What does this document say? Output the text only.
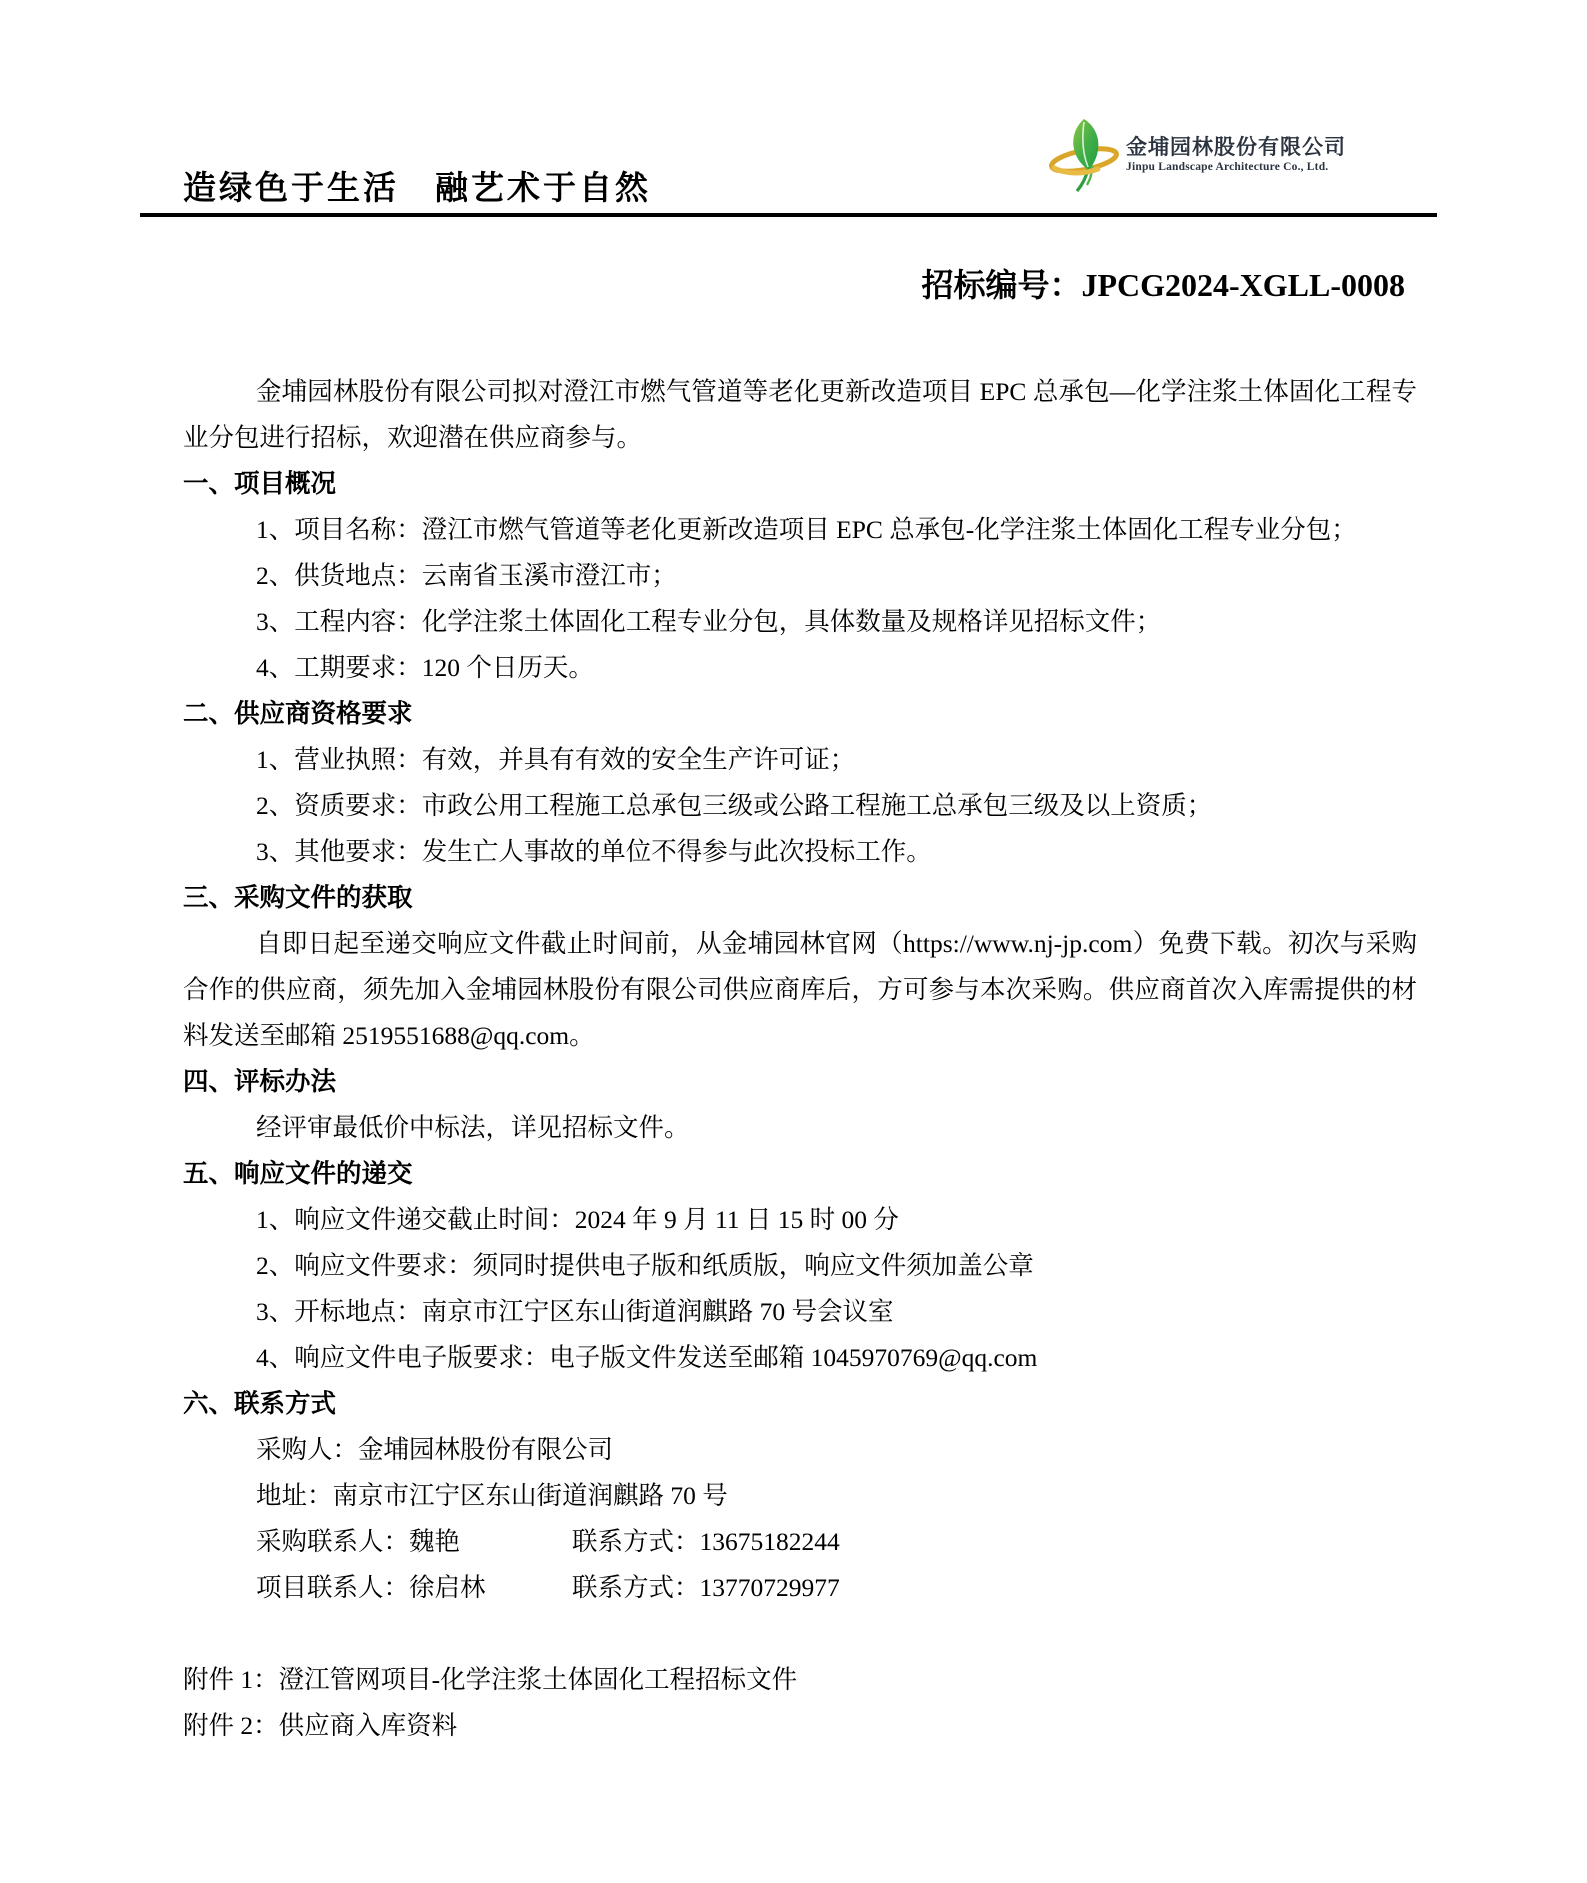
造绿色于生活　融艺术于自然
金埔园林股份有限公司
Jinpu Landscape Architecture Co., Ltd.
招标编号：JPCG2024-XGLL-0008
金埔园林股份有限公司拟对澄江市燃气管道等老化更新改造项目 EPC 总承包—化学注浆土体固化工程专业分包进行招标，欢迎潜在供应商参与。
一、项目概况
1、项目名称：澄江市燃气管道等老化更新改造项目 EPC 总承包-化学注浆土体固化工程专业分包；
2、供货地点：云南省玉溪市澄江市；
3、工程内容：化学注浆土体固化工程专业分包，具体数量及规格详见招标文件；
4、工期要求：120 个日历天。
二、供应商资格要求
1、营业执照：有效，并具有有效的安全生产许可证；
2、资质要求：市政公用工程施工总承包三级或公路工程施工总承包三级及以上资质；
3、其他要求：发生亡人事故的单位不得参与此次投标工作。
三、采购文件的获取
自即日起至递交响应文件截止时间前，从金埔园林官网（https://www.nj-jp.com）免费下载。初次与采购合作的供应商，须先加入金埔园林股份有限公司供应商库后，方可参与本次采购。供应商首次入库需提供的材料发送至邮箱 2519551688@qq.com。
四、评标办法
经评审最低价中标法，详见招标文件。
五、响应文件的递交
1、响应文件递交截止时间：2024 年 9 月 11 日 15 时 00 分
2、响应文件要求：须同时提供电子版和纸质版，响应文件须加盖公章
3、开标地点：南京市江宁区东山街道润麒路 70 号会议室
4、响应文件电子版要求：电子版文件发送至邮箱 1045970769@qq.com
六、联系方式
采购人：金埔园林股份有限公司
地址：南京市江宁区东山街道润麒路 70 号
采购联系人：魏艳	联系方式：13675182244
项目联系人：徐启林	联系方式：13770729977
附件 1：澄江管网项目-化学注浆土体固化工程招标文件
附件 2：供应商入库资料
